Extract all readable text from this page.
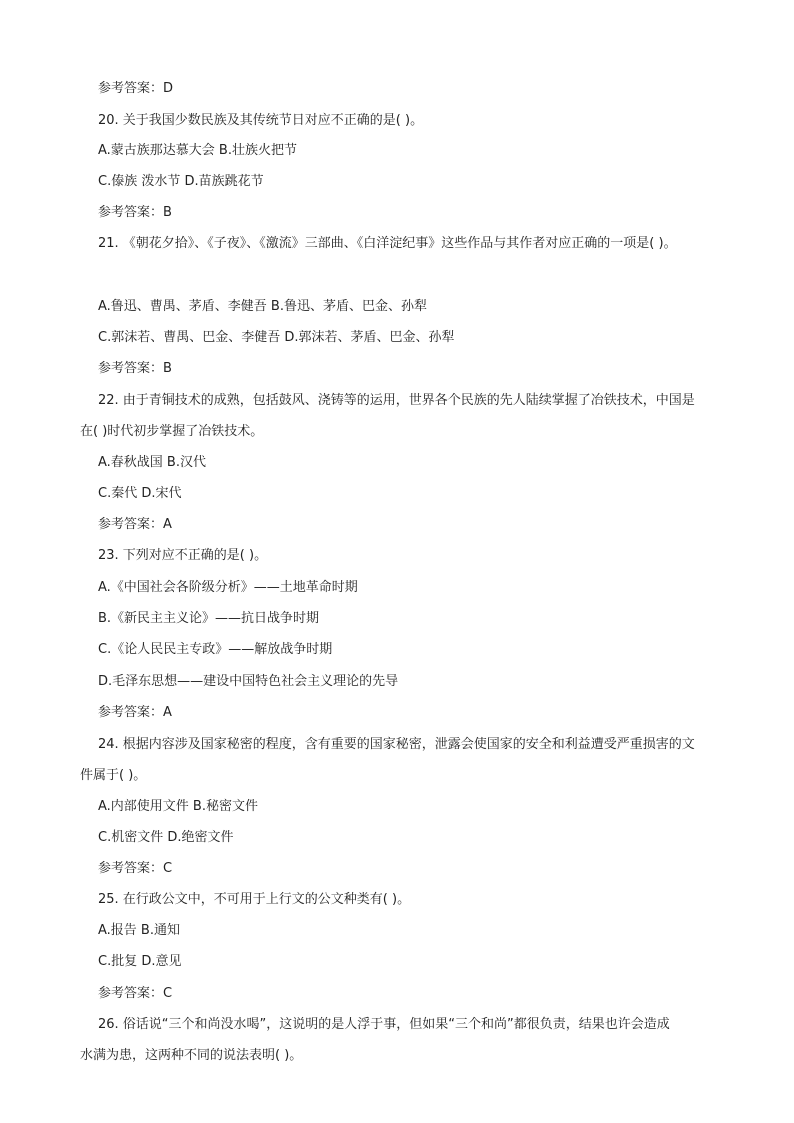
参考答案：D
20. 关于我国少数民族及其传统节日对应不正确的是( )。
A.蒙古族那达慕大会 B.壮族火把节
C.傣族 泼水节 D.苗族跳花节
参考答案：B
21. 《朝花夕拾》、《子夜》、《激流》三部曲、《白洋淀纪事》这些作品与其作者对应正确的一项是( )。
A.鲁迅、曹禺、茅盾、李健吾 B.鲁迅、茅盾、巴金、孙犁
C.郭沫若、曹禺、巴金、李健吾 D.郭沫若、茅盾、巴金、孙犁
参考答案：B
22. 由于青铜技术的成熟，包括鼓风、浇铸等的运用，世界各个民族的先人陆续掌握了冶铁技术，中国是
在( )时代初步掌握了冶铁技术。
A.春秋战国 B.汉代
C.秦代 D.宋代
参考答案：A
23. 下列对应不正确的是( )。
A.《中国社会各阶级分析》——土地革命时期
B.《新民主主义论》——抗日战争时期
C.《论人民民主专政》——解放战争时期
D.毛泽东思想——建设中国特色社会主义理论的先导
参考答案：A
24. 根据内容涉及国家秘密的程度，含有重要的国家秘密，泄露会使国家的安全和利益遭受严重损害的文
件属于( )。
A.内部使用文件 B.秘密文件
C.机密文件 D.绝密文件
参考答案：C
25. 在行政公文中，不可用于上行文的公文种类有( )。
A.报告 B.通知
C.批复 D.意见
参考答案：C
26. 俗话说“三个和尚没水喝”，这说明的是人浮于事，但如果“三个和尚”都很负责，结果也许会造成
水满为患，这两种不同的说法表明( )。
